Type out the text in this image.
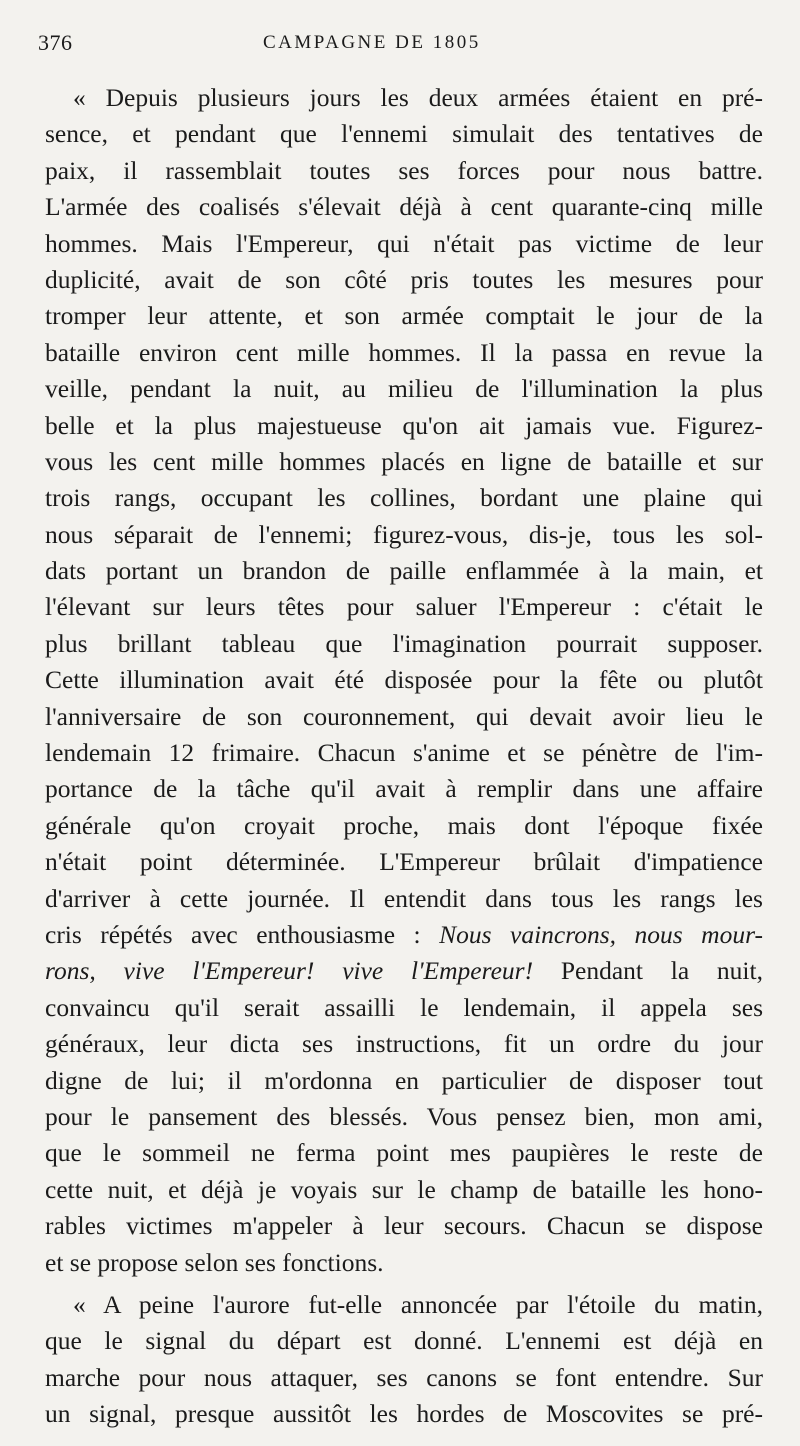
376	CAMPAGNE DE 1805
« Depuis plusieurs jours les deux armées étaient en pré-
sence, et pendant que l'ennemi simulait des tentatives de
paix, il rassemblait toutes ses forces pour nous battre.
L'armée des coalisés s'élevait déjà à cent quarante-cinq mille
hommes. Mais l'Empereur, qui n'était pas victime de leur
duplicité, avait de son côté pris toutes les mesures pour
tromper leur attente, et son armée comptait le jour de la
bataille environ cent mille hommes. Il la passa en revue la
veille, pendant la nuit, au milieu de l'illumination la plus
belle et la plus majestueuse qu'on ait jamais vue. Figurez-
vous les cent mille hommes placés en ligne de bataille et sur
trois rangs, occupant les collines, bordant une plaine qui
nous séparait de l'ennemi; figurez-vous, dis-je, tous les sol-
dats portant un brandon de paille enflammée à la main, et
l'élevant sur leurs têtes pour saluer l'Empereur : c'était le
plus brillant tableau que l'imagination pourrait supposer.
Cette illumination avait été disposée pour la fête ou plutôt
l'anniversaire de son couronnement, qui devait avoir lieu le
lendemain 12 frimaire. Chacun s'anime et se pénètre de l'im-
portance de la tâche qu'il avait à remplir dans une affaire
générale qu'on croyait proche, mais dont l'époque fixée
n'était point déterminée. L'Empereur brûlait d'impatience
d'arriver à cette journée. Il entendit dans tous les rangs les
cris répétés avec enthousiasme : Nous vaincrons, nous mour-
rons, vive l'Empereur! vive l'Empereur! Pendant la nuit,
convaincu qu'il serait assailli le lendemain, il appela ses
généraux, leur dicta ses instructions, fit un ordre du jour
digne de lui; il m'ordonna en particulier de disposer tout
pour le pansement des blessés. Vous pensez bien, mon ami,
que le sommeil ne ferma point mes paupières le reste de
cette nuit, et déjà je voyais sur le champ de bataille les hono-
rables victimes m'appeler à leur secours. Chacun se dispose
et se propose selon ses fonctions.
« A peine l'aurore fut-elle annoncée par l'étoile du matin,
que le signal du départ est donné. L'ennemi est déjà en
marche pour nous attaquer, ses canons se font entendre. Sur
un signal, presque aussitôt les hordes de Moscovites se pré-
